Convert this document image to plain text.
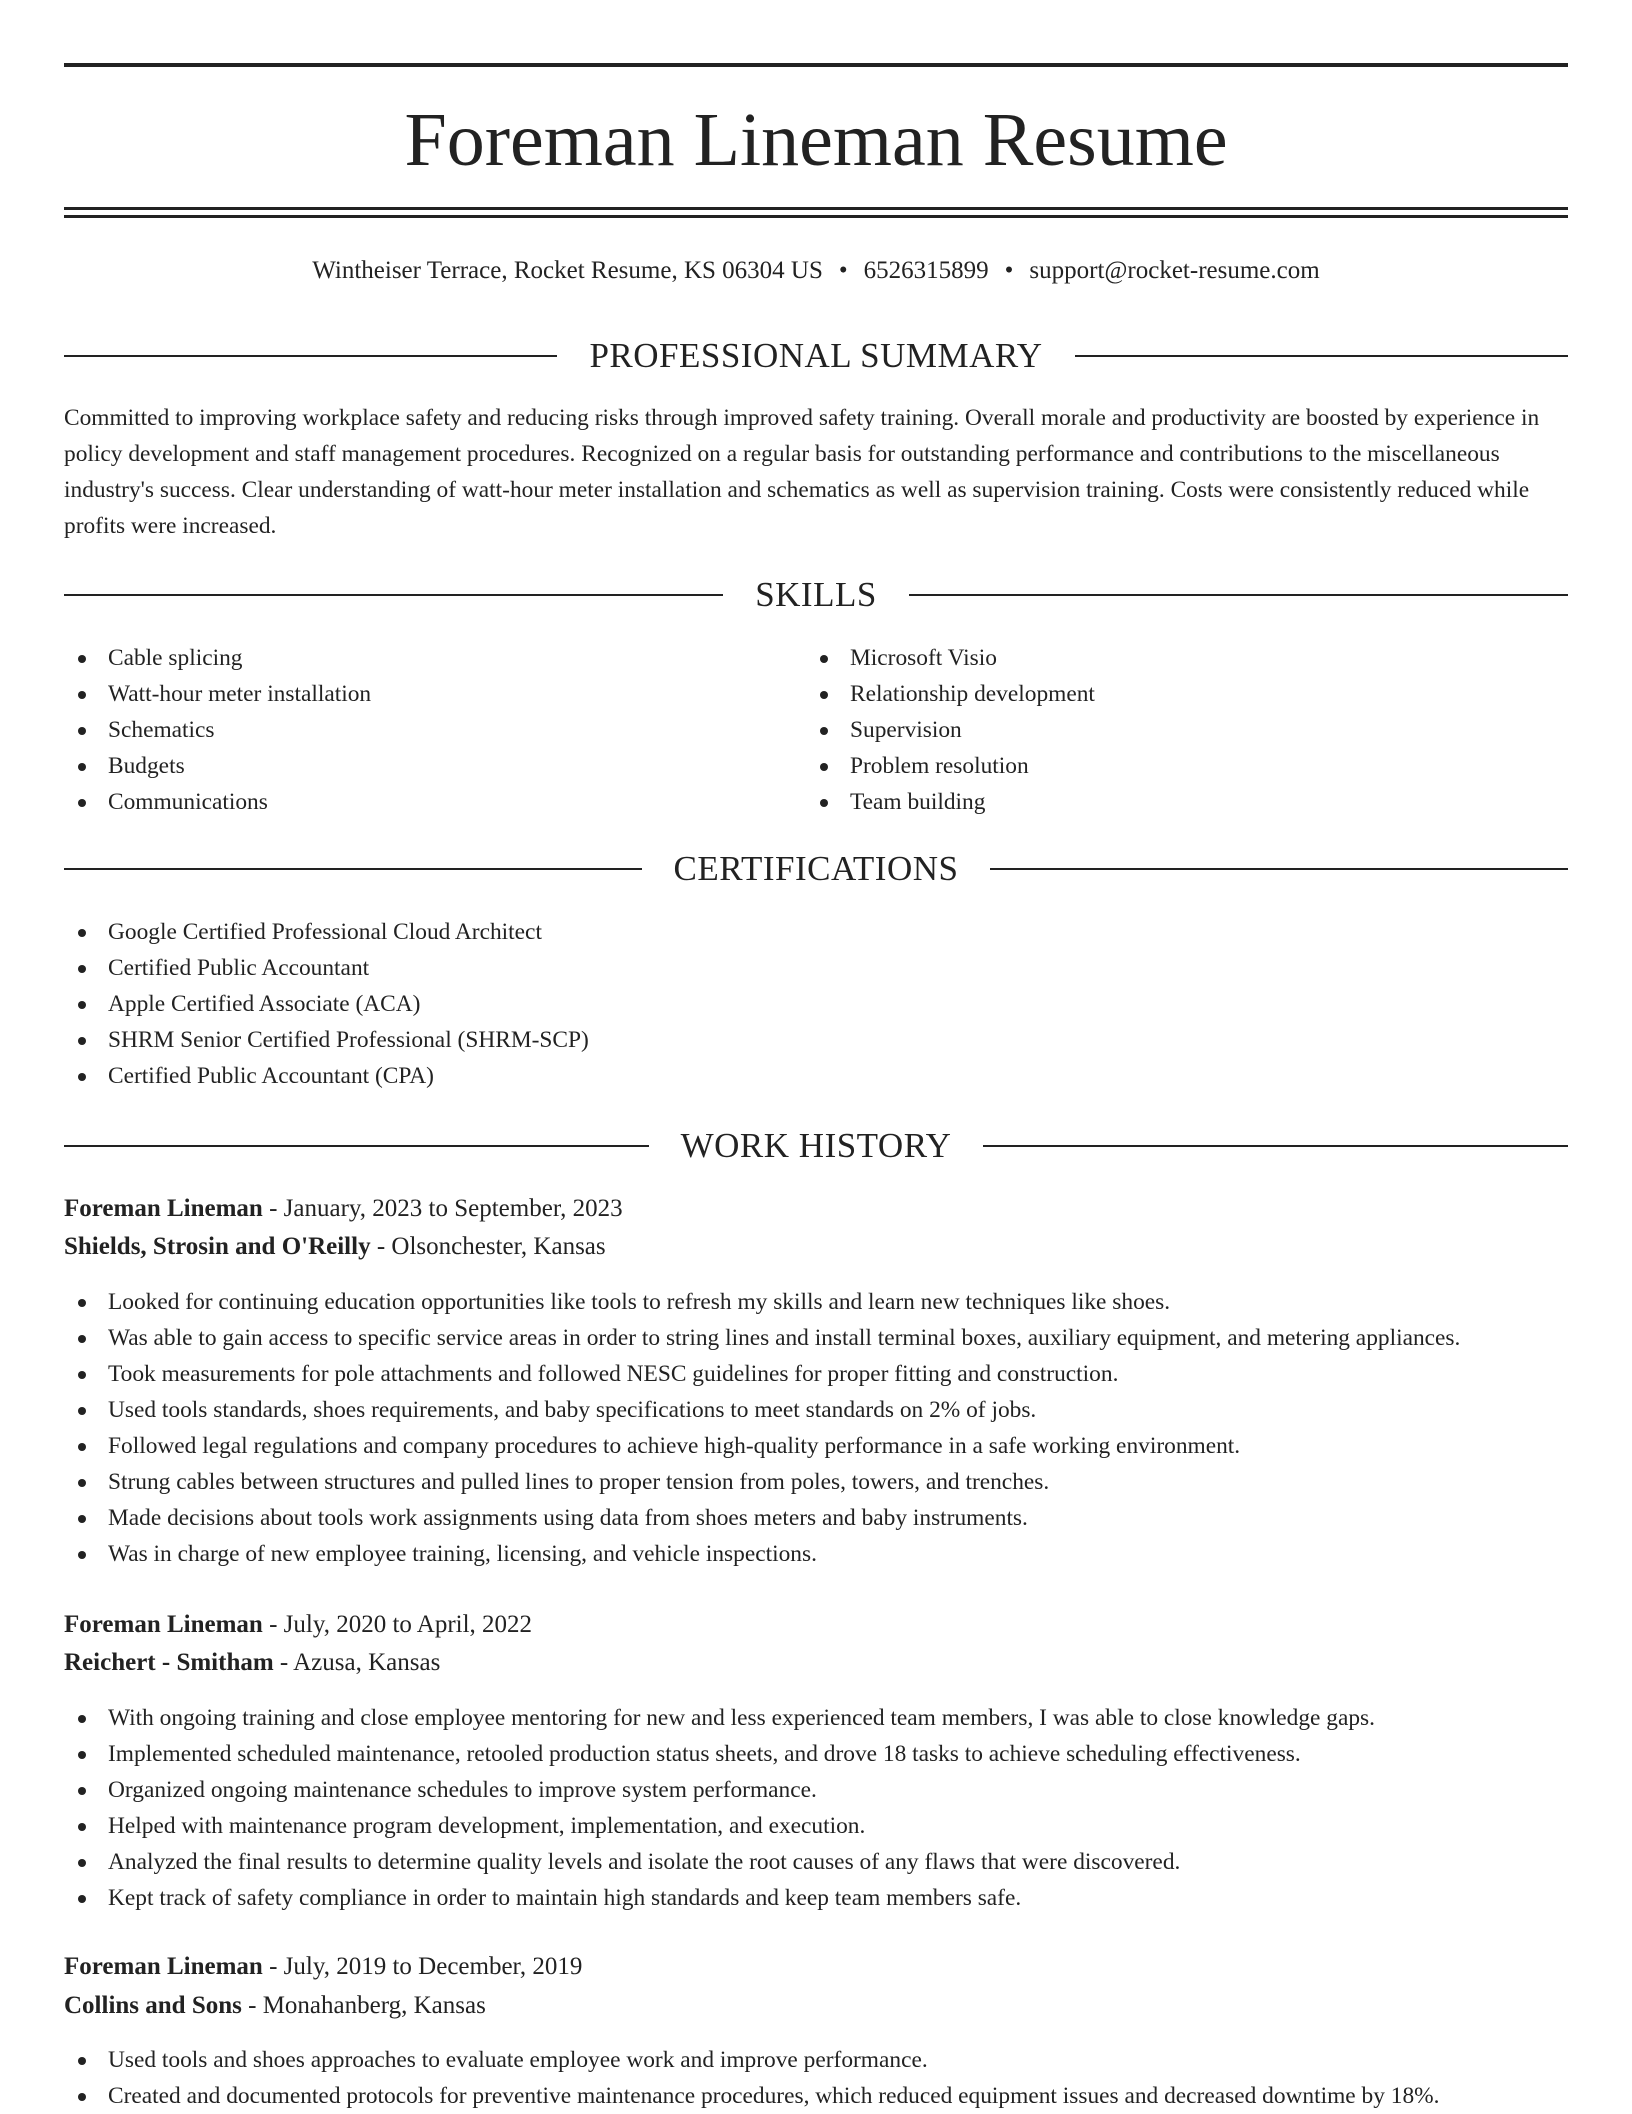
Foreman Lineman Resume
Wintheiser Terrace, Rocket Resume, KS 06304 US • 6526315899 • support@rocket-resume.com
PROFESSIONAL SUMMARY

Committed to improving workplace safety and reducing risks through improved safety training. Overall morale and productivity are boosted by experience in policy development and staff management procedures. Recognized on a regular basis for outstanding performance and contributions to the miscellaneous industry's success. Clear understanding of watt-hour meter installation and schematics as well as supervision training. Costs were consistently reduced while profits were increased.

SKILLS
Cable splicing
Watt-hour meter installation
Schematics
Budgets
Communications
Microsoft Visio
Relationship development
Supervision
Problem resolution
Team building
CERTIFICATIONS
Google Certified Professional Cloud Architect
Certified Public Accountant
Apple Certified Associate (ACA)
SHRM Senior Certified Professional (SHRM-SCP)
Certified Public Accountant (CPA)
WORK HISTORY
Foreman Lineman - January, 2023 to September, 2023
Shields, Strosin and O'Reilly - Olsonchester, Kansas
Looked for continuing education opportunities like tools to refresh my skills and learn new techniques like shoes.
Was able to gain access to specific service areas in order to string lines and install terminal boxes, auxiliary equipment, and metering appliances.
Took measurements for pole attachments and followed NESC guidelines for proper fitting and construction.
Used tools standards, shoes requirements, and baby specifications to meet standards on 2% of jobs.
Followed legal regulations and company procedures to achieve high-quality performance in a safe working environment.
Strung cables between structures and pulled lines to proper tension from poles, towers, and trenches.
Made decisions about tools work assignments using data from shoes meters and baby instruments.
Was in charge of new employee training, licensing, and vehicle inspections.
Foreman Lineman - July, 2020 to April, 2022
Reichert - Smitham - Azusa, Kansas
With ongoing training and close employee mentoring for new and less experienced team members, I was able to close knowledge gaps.
Implemented scheduled maintenance, retooled production status sheets, and drove 18 tasks to achieve scheduling effectiveness.
Organized ongoing maintenance schedules to improve system performance.
Helped with maintenance program development, implementation, and execution.
Analyzed the final results to determine quality levels and isolate the root causes of any flaws that were discovered.
Kept track of safety compliance in order to maintain high standards and keep team members safe.
Foreman Lineman - July, 2019 to December, 2019
Collins and Sons - Monahanberg, Kansas
Used tools and shoes approaches to evaluate employee work and improve performance.
Created and documented protocols for preventive maintenance procedures, which reduced equipment issues and decreased downtime by 18%.
